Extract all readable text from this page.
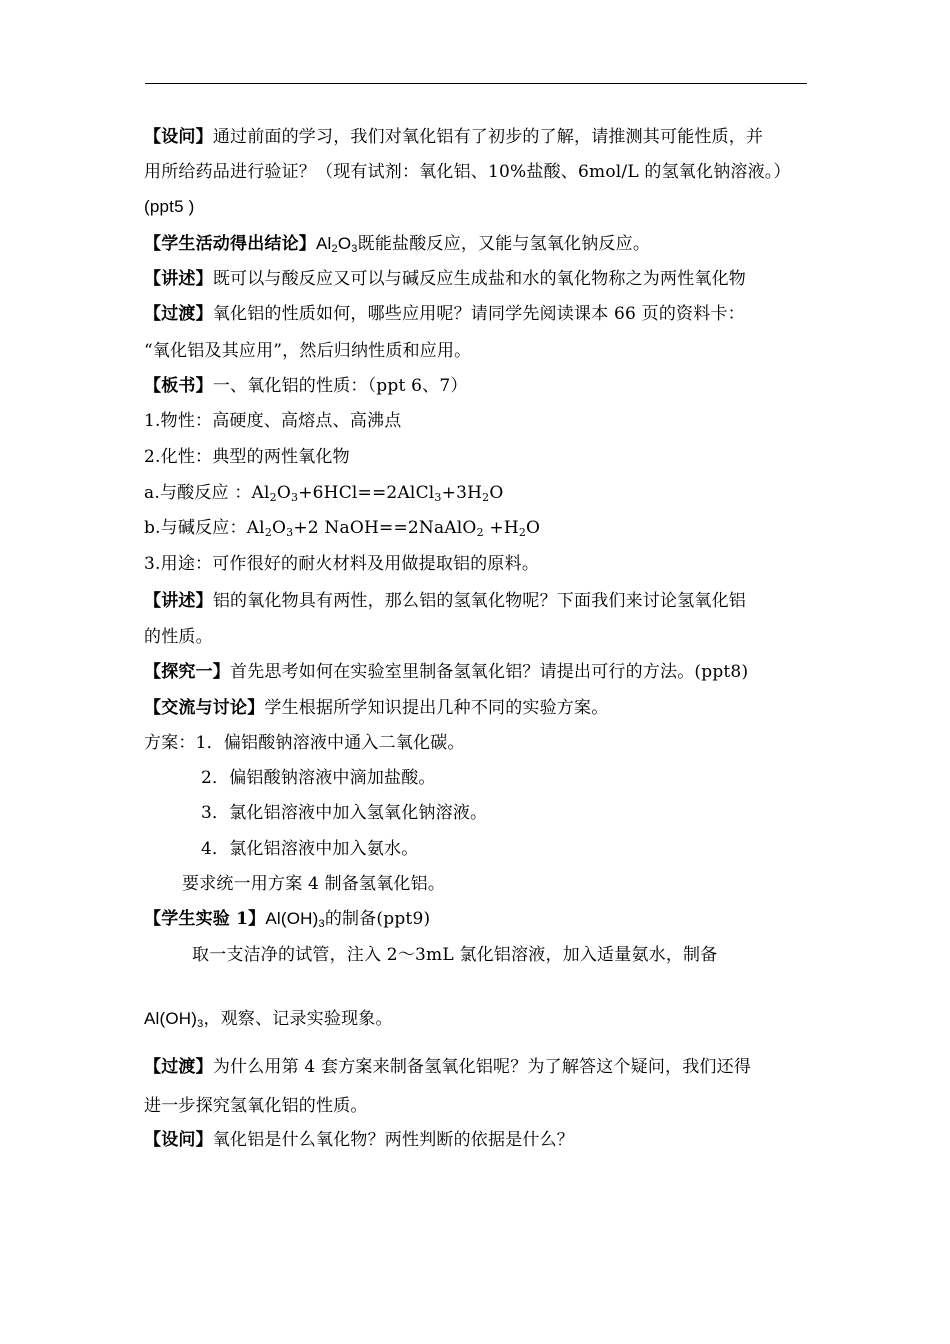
【设问】通过前面的学习，我们对氧化铝有了初步的了解，请推测其可能性质，并
用所给药品进行验证？（现有试剂：氧化铝、10%盐酸、6mol/L 的氢氧化钠溶液。）
(ppt5 )
【学生活动得出结论】$Al_2O_3$既能盐酸反应，又能与氢氧化钠反应。
【讲述】既可以与酸反应又可以与碱反应生成盐和水的氧化物称之为两性氧化物
【过渡】氧化铝的性质如何，哪些应用呢？请同学先阅读课本 66 页的资料卡：
“氧化铝及其应用”，然后归纳性质和应用。
【板书】一、氧化铝的性质：（ppt 6、7）
1.物性：高硬度、高熔点、高沸点
2.化性：典型的两性氧化物
a.与酸反应 ：$Al_2O_3+6HCl==2AlCl_3+3H_2O$
b.与碱反应：$Al_2O_3+2$ NaOH==2NaAlO$_2$ $+H_2O$
3.用途：可作很好的耐火材料及用做提取铝的原料。
【讲述】铝的氧化物具有两性，那么铝的氢氧化物呢？下面我们来讨论氢氧化铝
的性质。
【探究一】首先思考如何在实验室里制备氢氧化铝？请提出可行的方法。(ppt8)
【交流与讨论】学生根据所学知识提出几种不同的实验方案。
方案：1．偏铝酸钠溶液中通入二氧化碳。
2．偏铝酸钠溶液中滴加盐酸。
3．氯化铝溶液中加入氢氧化钠溶液。
4．氯化铝溶液中加入氨水。
要求统一用方案 4 制备氢氧化铝。
【学生实验 1】$Al(OH)_3$的制备(ppt9)
取一支洁净的试管，注入 2～3mL 氯化铝溶液，加入适量氨水，制备
$Al(OH)_3$，观察、记录实验现象。
【过渡】为什么用第 4 套方案来制备氢氧化铝呢？为了解答这个疑问，我们还得
进一步探究氢氧化铝的性质。
【设问】氧化铝是什么氧化物？两性判断的依据是什么？
